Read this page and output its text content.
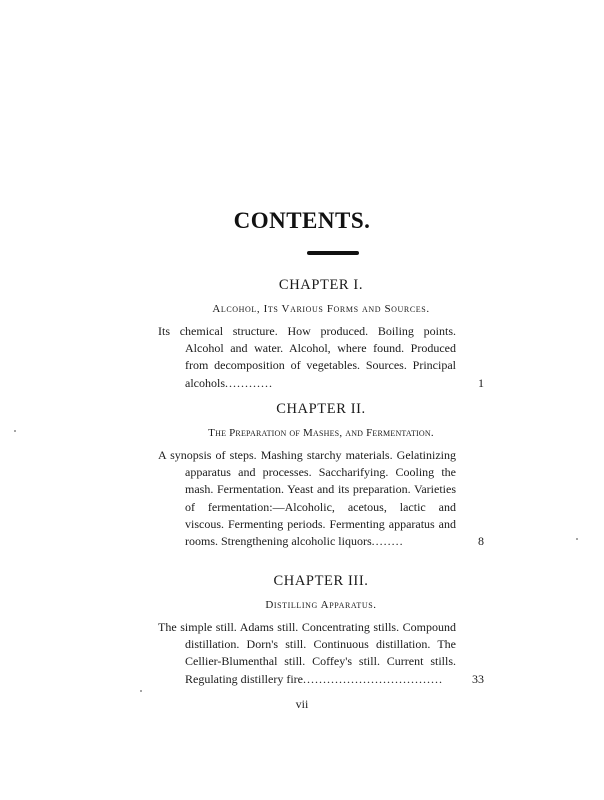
CONTENTS.

CHAPTER I.

Alcohol, Its Various Forms and Sources.

Its chemical structure. How produced. Boiling points. Alcohol and water. Alcohol, where found. Produced from decomposition of vegetables. Sources. Principal alcohols............	1

CHAPTER II.

The Preparation of Mashes, and Fermentation.

A synopsis of steps. Mashing starchy materials. Gelatinizing apparatus and processes. Saccharifying. Cooling the mash. Fermentation. Yeast and its preparation. Varieties of fermentation:—Alcoholic, acetous, lactic and viscous. Fermenting periods. Fermenting apparatus and rooms. Strengthening alcoholic liquors........	8

CHAPTER III.

Distilling Apparatus.

The simple still. Adams still. Concentrating stills. Compound distillation. Dorn's still. Continuous distillation. The Cellier-Blumenthal still. Coffey's still. Current stills. Regulating distillery fire................................... 33
vii
